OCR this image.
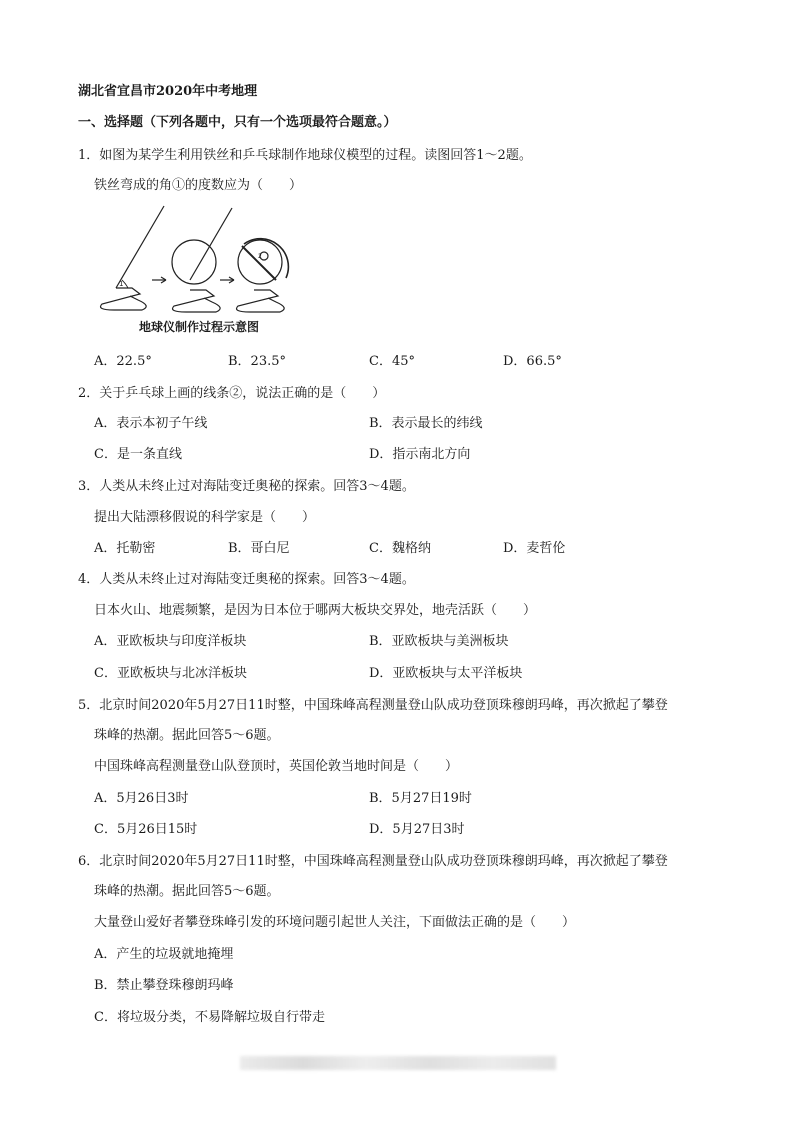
湖北省宜昌市2020年中考地理
一、选择题（下列各题中，只有一个选项最符合题意。）
1．如图为某学生利用铁丝和乒乓球制作地球仪模型的过程。读图回答1～2题。
铁丝弯成的角①的度数应为（　　）
1
2
地球仪制作过程示意图
A．22.5°	B．23.5°	C．45°	D．66.5°
2．关于乒乓球上画的线条②，说法正确的是（　　）
A．表示本初子午线	B．表示最长的纬线
C．是一条直线	D．指示南北方向
3．人类从未终止过对海陆变迁奥秘的探索。回答3～4题。
提出大陆漂移假说的科学家是（　　）
A．托勒密	B．哥白尼	C．魏格纳	D．麦哲伦
4．人类从未终止过对海陆变迁奥秘的探索。回答3～4题。
日本火山、地震频繁，是因为日本位于哪两大板块交界处，地壳活跃（　　）
A．亚欧板块与印度洋板块	B．亚欧板块与美洲板块
C．亚欧板块与北冰洋板块	D．亚欧板块与太平洋板块
5．北京时间2020年5月27日11时整，中国珠峰高程测量登山队成功登顶珠穆朗玛峰，再次掀起了攀登
珠峰的热潮。据此回答5～6题。
中国珠峰高程测量登山队登顶时，英国伦敦当地时间是（　　）
A．5月26日3时	B．5月27日19时
C．5月26日15时	D．5月27日3时
6．北京时间2020年5月27日11时整，中国珠峰高程测量登山队成功登顶珠穆朗玛峰，再次掀起了攀登
珠峰的热潮。据此回答5～6题。
大量登山爱好者攀登珠峰引发的环境问题引起世人关注，下面做法正确的是（　　）
A．产生的垃圾就地掩埋
B．禁止攀登珠穆朗玛峰
C．将垃圾分类，不易降解垃圾自行带走
